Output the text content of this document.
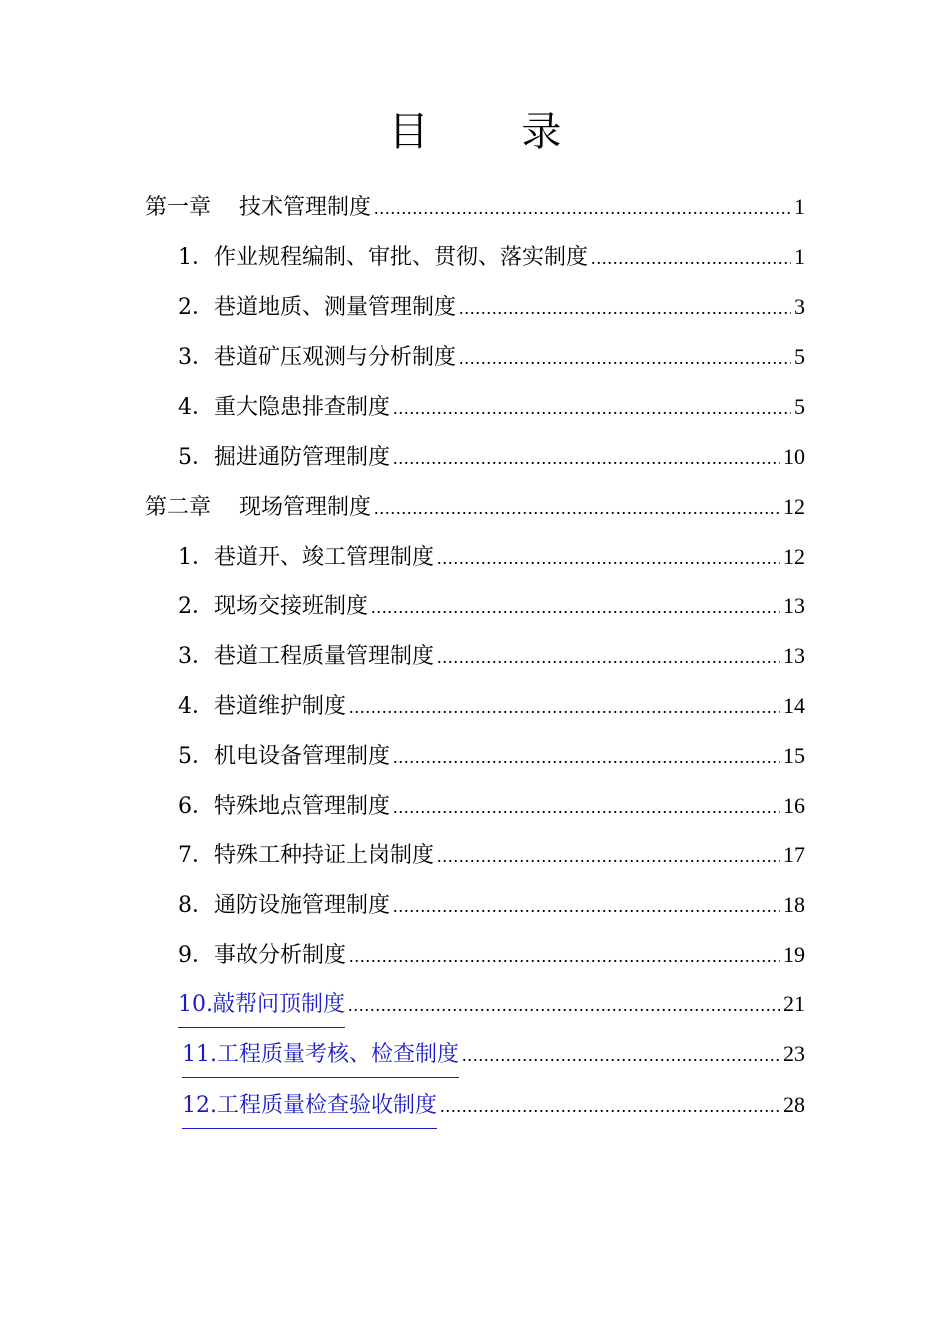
目 录
第一章 技术管理制度 .....	1
1． 作业规程编制、审批、贯彻、落实制度 .....	1
2． 巷道地质、测量管理制度 .....	3
3． 巷道矿压观测与分析制度 .....	5
4． 重大隐患排查制度 .....	5
5． 掘进通防管理制度 .....	10
第二章 现场管理制度 .....	12
1． 巷道开、竣工管理制度 .....	12
2． 现场交接班制度 .....	13
3． 巷道工程质量管理制度 .....	13
4． 巷道维护制度 .....	14
5． 机电设备管理制度 .....	15
6． 特殊地点管理制度 .....	16
7． 特殊工种持证上岗制度 .....	17
8． 通防设施管理制度 .....	18
9． 事故分析制度 .....	19
10.敲帮问顶制度 .....	21
11.工程质量考核、检查制度 .....	23
12.工程质量检查验收制度 .....	28
